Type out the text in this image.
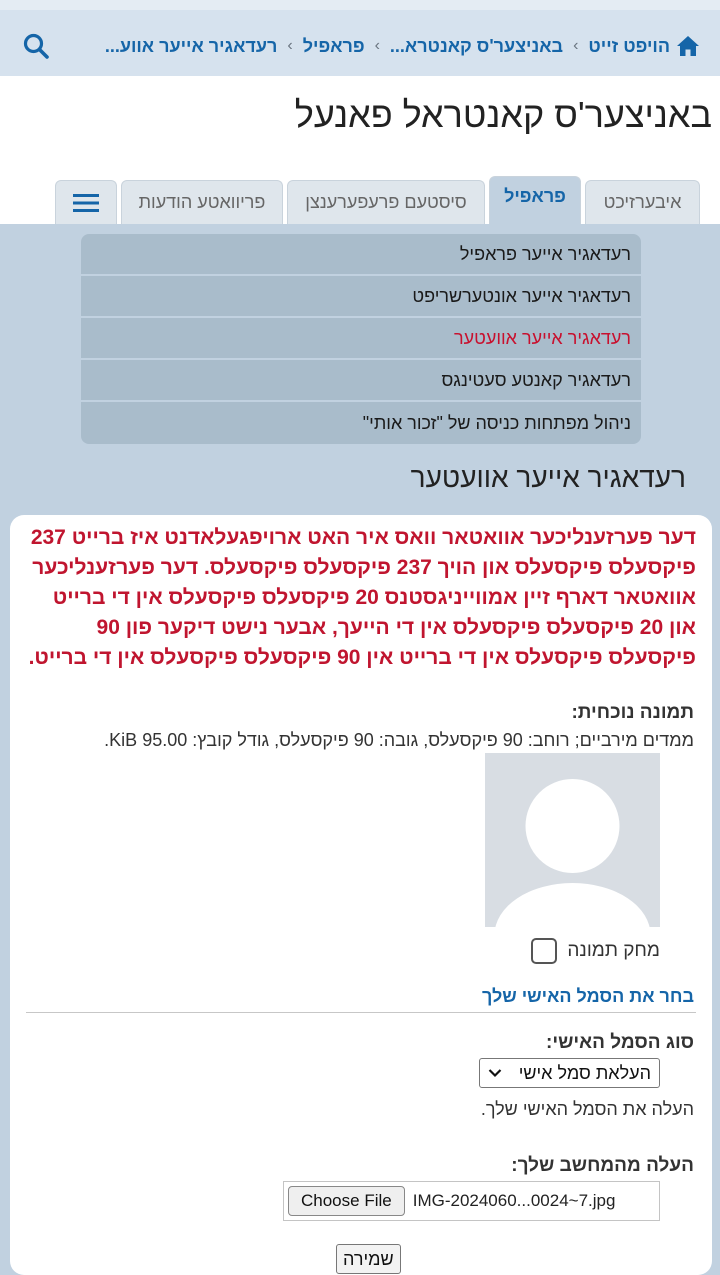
הויפט זייט
›
באניצער'ס קאנטרא...
›
פראפיל
›
רעדאגיר אייער אווע...
באניצער'ס קאנטראל פאנעל
איבערזיכט
פראפיל
סיסטעם פרעפערענצן
פריוואטע הודעות
רעדאגיר אייער פראפיל
רעדאגיר אייער אונטערשריפט
רעדאגיר אייער אוועטער
רעדאגיר קאנטע סעטינגס
ניהול מפתחות כניסה של "זכור אותי"
רעדאגיר אייער אוועטער
דער פערזענליכער אוואטאר וואס איר האט ארויפגעלאדנט איז ברייט 237 פיקסעלס פיקסעלס און הויך 237 פיקסעלס פיקסעלס. דער פערזענליכער אוואטאר דארף זיין אמווייניגסטנס 20 פיקסעלס פיקסעלס אין די ברייט און 20 פיקסעלס פיקסעלס אין די הייעך, אבער נישט דיקער פון 90 פיקסעלס פיקסעלס אין די ברייט אין 90 פיקסעלס פיקסעלס אין די ברייט.
תמונה נוכחית:
ממדים מירביים; רוחב: 90 פיקסעלס, גובה: 90 פיקסעלס, גודל קובץ: 95.00 KiB.
מחק תמונה
בחר את הסמל האישי שלך
סוג הסמל האישי:
העלאת סמל אישי
העלה את הסמל האישי שלך.
העלה מהמחשב שלך:
Choose File	IMG-2024060...0024~7.jpg
שמירה
